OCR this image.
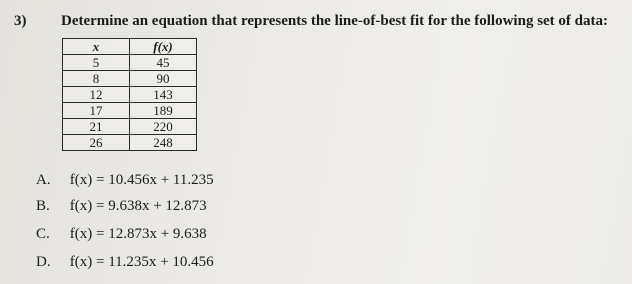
3) Determine an equation that represents the line-of-best fit for the following set of data:
x	f(x)
5	45
8	90
12	143
17	189
21	220
26	248
A. f(x) = 10.456x + 11.235
B. f(x) = 9.638x + 12.873
C. f(x) = 12.873x + 9.638
D. f(x) = 11.235x + 10.456
